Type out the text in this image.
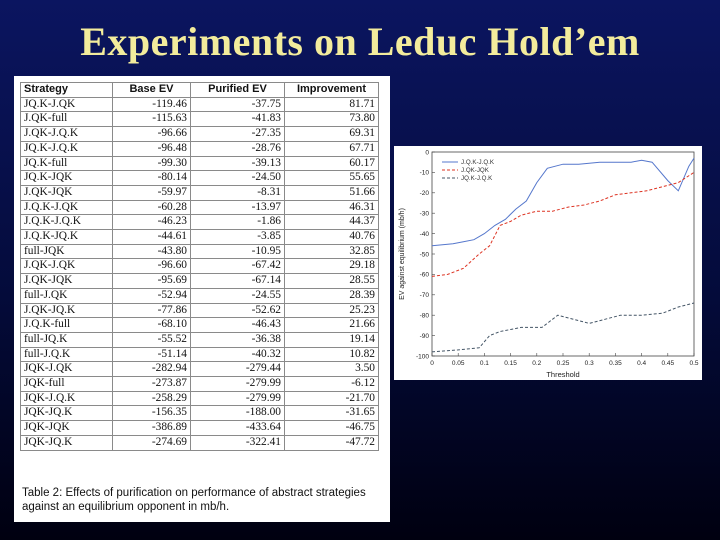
Experiments on Leduc Hold’em
Strategy	Base EV	Purified EV	Improvement
JQ.K-J.QK	-119.46	-37.75	81.71
J.QK-full	-115.63	-41.83	73.80
J.QK-J.Q.K	-96.66	-27.35	69.31
JQ.K-J.Q.K	-96.48	-28.76	67.71
JQ.K-full	-99.30	-39.13	60.17
JQ.K-JQK	-80.14	-24.50	55.65
J.QK-JQK	-59.97	-8.31	51.66
J.Q.K-J.QK	-60.28	-13.97	46.31
J.Q.K-J.Q.K	-46.23	-1.86	44.37
J.Q.K-JQ.K	-44.61	-3.85	40.76
full-JQK	-43.80	-10.95	32.85
J.QK-J.QK	-96.60	-67.42	29.18
J.QK-JQK	-95.69	-67.14	28.55
full-J.QK	-52.94	-24.55	28.39
J.QK-JQ.K	-77.86	-52.62	25.23
J.Q.K-full	-68.10	-46.43	21.66
full-JQ.K	-55.52	-36.38	19.14
full-J.Q.K	-51.14	-40.32	10.82
JQK-J.QK	-282.94	-279.44	3.50
JQK-full	-273.87	-279.99	-6.12
JQK-J.Q.K	-258.29	-279.99	-21.70
JQK-JQ.K	-156.35	-188.00	-31.65
JQK-JQK	-386.89	-433.64	-46.75
JQK-JQ.K	-274.69	-322.41	-47.72
Table 2: Effects of purification on performance of abstract strategies against an equilibrium opponent in mb/h.
0	0.05 0.1 0.15 0.2 0.25 0.3 0.35 0.4 0.45 0.5
0
-10
-20
-30
-40
-50
-60
-70
-80
-90
-100
J.Q.K-J.Q.K
J.QK-JQK
JQ.K-J.Q.K
Threshold
EV against equilibrium (mb/h)
